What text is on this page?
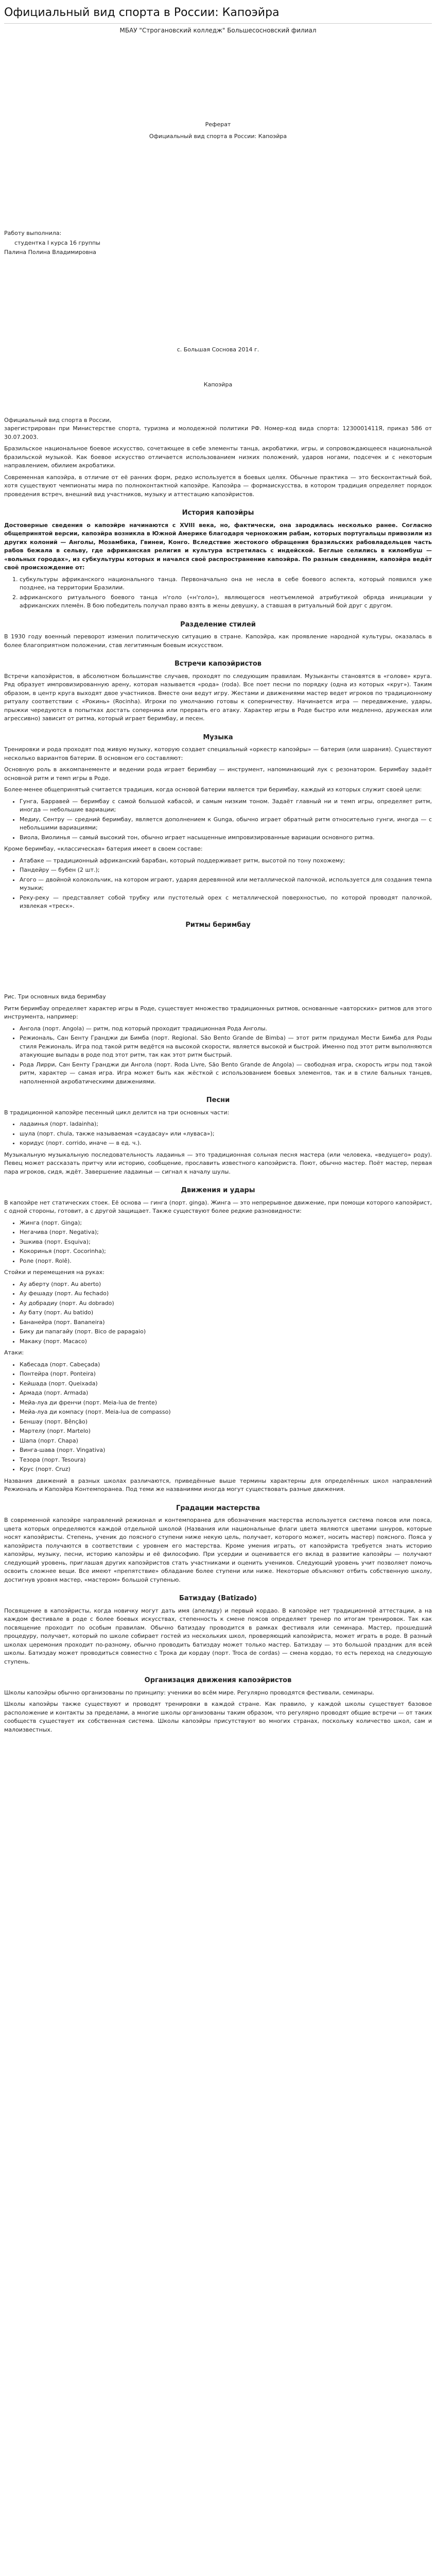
Официальный вид спорта в России: Капоэйра
МБАУ "Строгановский колледж" Большесосновский филиал

Реферат

Официальный вид спорта в России: Капоэйра

Работу выполнила:

студентка I курса 16 группы

Палина Полина Владимировна

с. Большая Соснова 2014 г.

Капоэйра

Официальный вид спорта в России,

зарегистрирован при Министерстве спорта, туризма и молодежной политики РФ. Номер-код вида спорта: 1230001411Я, приказ 586 от 30.07.2003.

Бразильское национальное боевое искусство, сочетающее в себе элементы танца, акробатики, игры, и сопровождающееся национальной бразильской музыкой. Как боевое искусство отличается использованием низких положений, ударов ногами, подсечек и с некоторым направлением, обилием акробатики.

Современная капоэйра, в отличие от её ранних форм, редко используется в боевых целях. Обычные практика — это бесконтактный бой, хотя существуют чемпионаты мира по полноконтактной капоэйре. Капоэйра — формаискусства, в котором традиция определяет порядок проведения встреч, внешний вид участников, музыку и аттестацию капоэйристов.

История капоэйры

Достоверные сведения о капоэйре начинаются с XVIII века, но, фактически, она зародилась несколько ранее. Согласно общепринятой версии, капоэйра возникла в Южной Америке благодаря чернокожим рабам, которых португальцы привозили из других колоний — Анголы, Мозамбика, Гвинеи, Конго. Вследствие жестокого обращения бразильских рабовладельцев часть рабов бежала в сельву, где африканская религия и культура встретилась с индейской. Беглые селились в киломбуш — «вольных городах», из субкультуры которых и начался своё распространение капоэйра. По разным сведениям, капоэйра ведёт своё происхождение от:

1. субкультуры африканского национального танца. Первоначально она не несла в себе боевого аспекта, который появился уже позднее, на территории Бразилии.
2. африканского ритуального боевого танца н'голо («н'голо»), являющегося неотъемлемой атрибутикой обряда инициации у африканских племён. В бою победитель получал право взять в жены девушку, а ставшая в ритуальный бой друг с другом.
Разделение стилей

В 1930 году военный переворот изменил политическую ситуацию в стране. Капоэйра, как проявление народной культуры, оказалась в более благоприятном положении, став легитимным боевым искусством.

Встречи капоэйристов

Встречи капоэйристов, в абсолютном большинстве случаев, проходят по следующим правилам. Музыканты становятся в «голове» круга. Ряд образует импровизированную арену, которая называется «рода» (roda). Все поет песни по порядку (одна из которых «круг»). Таким образом, в центр круга выходят двое участников. Вместе они ведут игру. Жестами и движениями мастер ведет игроков по традиционному ритуалу соответствии с «Рокинь» (Rocinha). Игроки по умолчанию готовы к соперничеству. Начинается игра — передвижение, удары, прыжки чередуются в попытках достать соперника или прервать его атаку. Характер игры в Роде быстро или медленно, дружеская или агрессивно) зависит от ритма, который играет беримбау, и песен.

Музыка

Тренировки и рода проходят под живую музыку, которую создает специальный «оркестр капоэйры» — батерия (или шарания). Существуют несколько вариантов батерии. В основном его составляют:

Основную роль в аккомпанементе и ведении рода играет беримбау — инструмент, напоминающий лук с резонатором. Беримбау задаёт основной ритм и темп игры в Роде.

Более-менее общепринятый считается традиция, когда основой батерии является три беримбау, каждый из которых служит своей цели:

• Гунга, Барравей — беримбау с самой большой кабасой, и самым низким тоном. Задаёт главный ни и темп игры, определяет ритм, иногда — небольшие вариации;
• Медиу, Сентру — средний беримбау, является дополнением к Gunga, обычно играет обратный ритм относительно гунги, иногда — с небольшими вариациями;
• Виола, Виолинья — самый высокий тон, обычно играет насыщенные импровизированные вариации основного ритма.

Кроме беримбау, «классическая» батерия имеет в своем составе:

• Атабаке — традиционный африканский барабан, который поддерживает ритм, высотой по тону похожему;
• Пандейру — бубен (2 шт.);
• Агого — двойной колокольчик, на котором играют, ударяя деревянной или металлической палочкой, используется для создания темпа музыки;
• Реку-реку — представляет собой трубку или пустотелый орех с металлической поверхностью, по которой проводят палочкой, извлекая «треск».
Ритмы беримбау

Рис. Три основных вида беримбау

Ритм беримбау определяет характер игры в Роде, существует множество традиционных ритмов, основанные «авторских» ритмов для этого инструмента, например:

• Ангола (порт. Angola) — ритм, под который проходит традиционная Рода Анголы.
• Режиональ, Сан Бенту Гранджи ди Бимба (порт. Regional. São Bento Grande de Bimba) — этот ритм придумал Мести Бимба для Роды стиля Режиональ. Игра под такой ритм ведётся на высокой скорости, является высокой и быстрой. Именно под этот ритм выполняются атакующие выпады в роде под этот ритм, так как этот ритм быстрый.
• Рода Лирри, Сан Бенту Гранджи ди Ангола (порт. Roda Livre, São Bento Grande de Angola) — свободная игра, скорость игры под такой ритм, характер — самая игра. Игра может быть как жёсткой с использованием боевых элементов, так и в стиле бальных танцев, наполненной акробатическими движениями.
Песни

В традиционной капоэйре песенный цикл делится на три основных части:

• ладаинья (порт. ladainha);
• шула (порт. chula, также называемая «саудасау» или «луваса»);
• коридус (порт. corrido, иначе — в ед. ч.).

Музыкальную музыкальную последовательность ладаинья — это традиционная сольная песня мастера (или человека, «ведущего» роду). Певец может рассказать притчу или историю, сообщение, прославить известного капоэйриста. Поют, обычно мастер. Поёт мастер, первая пара игроков, сидя, ждёт. Завершение ладаиньи — сигнал к началу шулы.

Движения и удары

В капоэйре нет статических стоек. Её основа — гинга (порт. ginga). Жинга — это непрерывное движение, при помощи которого капоэйрист, с одной стороны, готовит, а с другой защищает. Также существуют более редкие разновидности:

• Жинга (порт. Ginga);
• Негачива (порт. Negativa);
• Эшкива (порт. Esquiva);
• Кокоринья (порт. Cocorinha);
• Роле (порт. Rolê).

Стойки и перемещения на руках:

• Ау аберту (порт. Au aberto)
• Ау фешаду (порт. Au fechado)
• Ау добрадиу (порт. Au dobrado)
• Ау бату (порт. Au batido)
• Бананейра (порт. Bananeira)
• Бику ди папагайу (порт. Bico de papagaio)
• Макаку (порт. Macaco)

Атаки:

• Кабесада (порт. Cabeçada)
• Понтейра (порт. Ponteira)
• Кейшада (порт. Queixada)
• Армада (порт. Armada)
• Мейа-луа ди френчи (порт. Meia-lua de frente)
• Мейа-луа ди компасу (порт. Meia-lua de compasso)
• Беншау (порт. Bênção)
• Мартелу (порт. Martelo)
• Шапа (порт. Chapa)
• Винга-шава (порт. Vingativa)
• Тезора (порт. Tesoura)
• Крус (порт. Cruz)

Названия движений в разных школах различаются, приведённые выше термины характерны для определённых школ направлений Режиональ и Капоэйра Контемпоранеа. Под теми же названиями иногда могут существовать разные движения.

Градации мастерства

В современной капоэйре направлений режионал и контемпоранеа для обозначения мастерства используется система поясов или пояса, цвета которых определяются каждой отдельной школой (Названия или национальные флаги цвета являются цветами шнуров, которые носят капоэйристы. Степень, ученик до поясного ступени ниже некую цель, получает, которого может, носить мастер) поясного. Пояса у капоэйриста получаются в соответствии с уровнем его мастерства. Кроме умения играть, от капоэйриста требуется знать историю капоэйры, музыку, песни, историю капоэйры и её философию. При усердии и оценивается его вклад в развитие капоэйры — получают следующий уровень, приглашая других капоэйристов стать участниками и оценить учеников. Следующий уровень учит позволяет помочь освоить сложнее вещи. Все имеют «препятствие» обладание более ступени или ниже. Некоторые объясняют отбить собственную школу, достигнув уровня мастер, «мастером» большой ступенью.

Батиздау (Batizado)

Посвящение в капоэйристы, когда новичку могут дать имя (апелиду) и первый кордао. В капоэйре нет традиционной аттестации, а на каждом фестивале в роде с более боевых искусствах, степенность к смене поясов определяет тренер по итогам тренировок. Так как посвящение проходит по особым правилам. Обычно батиздау проводится в рамках фестиваля или семинара. Мастер, прошедший процедуру, получает, который по школе собирает гостей из нескольких школ, проверяющий капоэйриста, может играть в роде. В разный школах церемония проходит по-разному, обычно проводить батиздау может только мастер. Батиздау — это большой праздник для всей школы. Батиздау может проводиться совместно с Трока ди кордау (порт. Troca de cordas) — смена кордао, то есть переход на следующую ступень.

Организация движения капоэйристов

Школы капоэйры обычно организованы по принципу: ученики во всём мире. Регулярно проводятся фестивали, семинары.

Школы капоэйры также существуют и проводят тренировки в каждой стране. Как правило, у каждой школы существует базовое расположение и контакты за пределами, а многие школы организованы таким образом, что регулярно проводят общие встречи — от таких сообществ существует их собственная система. Школы капоэйры присутствуют во многих странах, поскольку количество школ, сам и малоизвестных.
